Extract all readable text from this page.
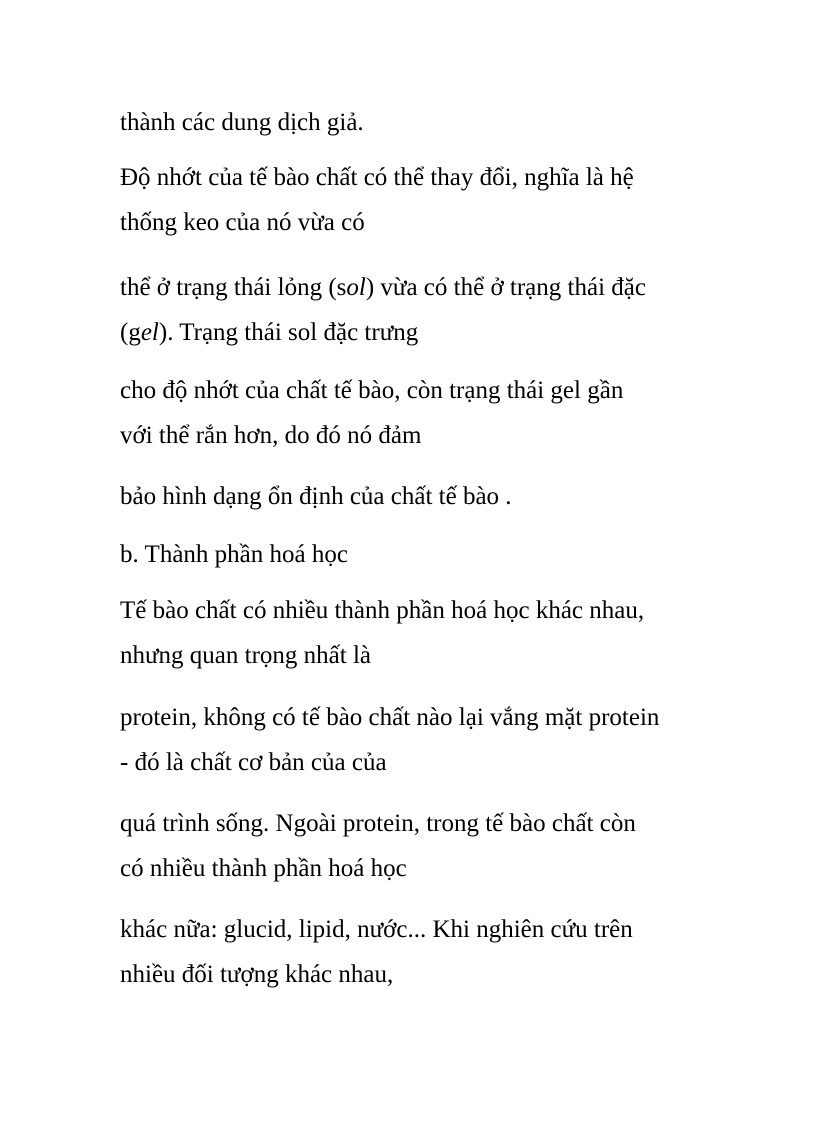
thành các dung dịch giả.

Độ nhớt của tế bào chất có thể thay đổi, nghĩa là hệ
thống keo của nó vừa có

thể ở trạng thái lỏng (sol) vừa có thể ở trạng thái đặc
(gel). Trạng thái sol đặc trưng

cho độ nhớt của chất tế bào, còn trạng thái gel gần
với thể rắn hơn, do đó nó đảm

bảo hình dạng ổn định của chất tế bào .

b. Thành phần hoá học

Tế bào chất có nhiều thành phần hoá học khác nhau,
nhưng quan trọng nhất là

protein, không có tế bào chất nào lại vắng mặt protein
- đó là chất cơ bản của của

quá trình sống. Ngoài protein, trong tế bào chất còn
có nhiều thành phần hoá học

khác nữa: glucid, lipid, nước... Khi nghiên cứu trên
nhiều đối tượng khác nhau,
